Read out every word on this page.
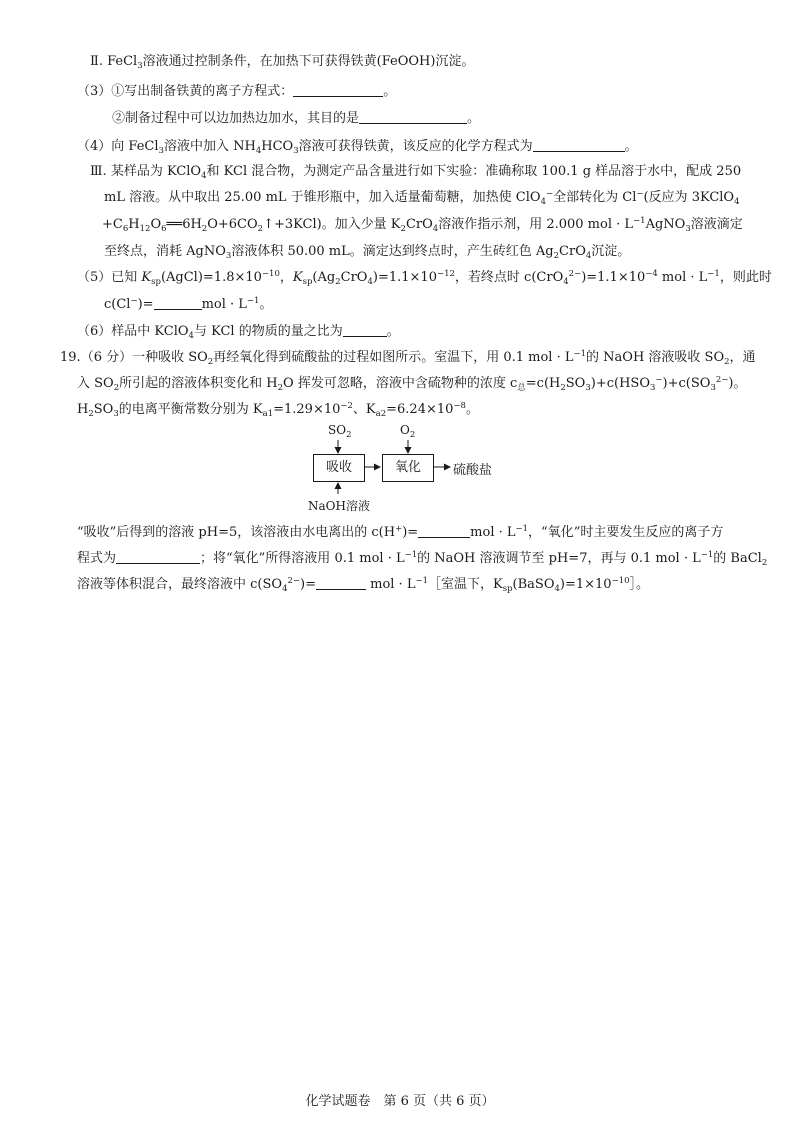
Ⅱ. FeCl$_3$溶液通过控制条件，在加热下可获得铁黄(FeOOH)沉淀。
（3）①写出制备铁黄的离子方程式：	。
②制备过程中可以边加热边加水，其目的是	。
（4）向 FeCl$_3$溶液中加入 $NH_4HCO_3$溶液可获得铁黄，该反应的化学方程式为	。
Ⅲ. 某样品为 KClO$_4$和 KCl 混合物，为测定产品含量进行如下实验：准确称取 100.1 g 样品溶于水中，配成 250
mL 溶液。从中取出 25.00 mL 于锥形瓶中，加入适量葡萄糖，加热使 ClO$_4$−全部转化为 Cl−(反应为 3KClO$_4$
$+C_6H_{12}O_6══6H_2O+6CO_2↑+3KCl$)。加入少量 $K_2CrO_4$溶液作指示剂，用 2.000 mol · $L^{-1}AgNO_3$溶液滴定
至终点，消耗 AgNO$_3$溶液体积 50.00 mL。滴定达到终点时，产生砖红色 $Ag_2CrO_4$沉淀。
（5）已知 $K_{sp}(AgCl)=1.8\times 10^{-10}$，$K_{sp}(Ag_2CrO_4)=1.1\times 10^{-12}$，若终点时 $c(CrO_4^{2-})=1.1\times 10^{-4}$ mol · $L^{-1}$，则此时
c(Cl−)=	mol · $L^{-1}$。
（6）样品中 KClO$_4$与 KCl 的物质的量之比为	。
19.（6 分）一种吸收 $SO_2$再经氧化得到硫酸盐的过程如图所示。室温下，用 0.1 mol · $L^{-1}$的 NaOH 溶液吸收 $SO_2$，通
入 $SO_2$所引起的溶液体积变化和 $H_2O$ 挥发可忽略，溶液中含硫物种的浓度 $c_总=c(H_2SO_3)+c(HSO_3^-)+c(SO_3^{2-})$。
$H_2SO_3$的电离平衡常数分别为 $K_{a1}=1.29\times 10^{-2}$、$K_{a2}=6.24\times 10^{-8}$。
$SO_2$	$O_2$
吸收	氧化	硫酸盐
NaOH溶液
“吸收”后得到的溶液 pH=5，该溶液由水电离出的 c(H+)=	mol · $L^{-1}$，“氧化”时主要发生反应的离子方
程式为	；将“氧化”所得溶液用 0.1 mol · $L^{-1}$的 NaOH 溶液调节至 pH=7，再与 0.1 mol · $L^{-1}$的 BaCl$_2$
溶液等体积混合，最终溶液中 $c(SO_4^{2-})=$	mol · $L^{-1}[$室温下，$K_{sp}(BaSO_4)=1\times 10^{-10}]$。
化学试题卷　第 6 页（共 6 页）
